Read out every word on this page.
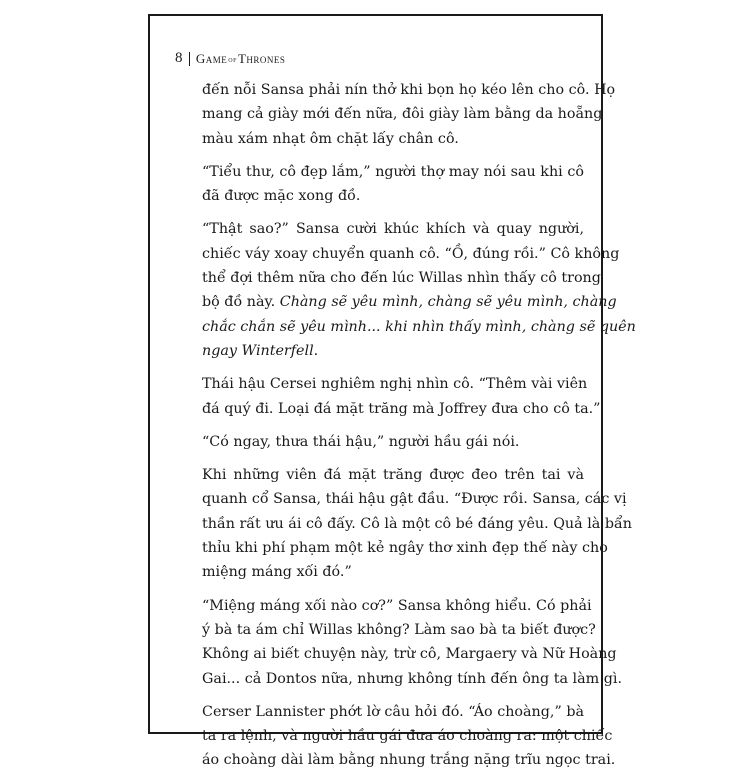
8 GameofThrones
đến nỗi Sansa phải nín thở khi bọn họ kéo lên cho cô. Họ
mang cả giày mới đến nữa, đôi giày làm bằng da hoẵng
màu xám nhạt ôm chặt lấy chân cô.
“Tiểu thư, cô đẹp lắm,” người thợ may nói sau khi cô
đã được mặc xong đồ.
“Thật sao?” Sansa cười khúc khích và quay người,
chiếc váy xoay chuyển quanh cô. “Ồ, đúng rồi.” Cô không
thể đợi thêm nữa cho đến lúc Willas nhìn thấy cô trong
bộ đồ này. Chàng sẽ yêu mình, chàng sẽ yêu mình, chàng
chắc chắn sẽ yêu mình... khi nhìn thấy mình, chàng sẽ quên
ngay Winterfell.
Thái hậu Cersei nghiêm nghị nhìn cô. “Thêm vài viên
đá quý đi. Loại đá mặt trăng mà Joffrey đưa cho cô ta.”
“Có ngay, thưa thái hậu,” người hầu gái nói.
Khi những viên đá mặt trăng được đeo trên tai và
quanh cổ Sansa, thái hậu gật đầu. “Được rồi. Sansa, các vị
thần rất ưu ái cô đấy. Cô là một cô bé đáng yêu. Quả là bẩn
thỉu khi phí phạm một kẻ ngây thơ xinh đẹp thế này cho
miệng máng xối đó.”
“Miệng máng xối nào cơ?” Sansa không hiểu. Có phải
ý bà ta ám chỉ Willas không? Làm sao bà ta biết được?
Không ai biết chuyện này, trừ cô, Margaery và Nữ Hoàng
Gai... cả Dontos nữa, nhưng không tính đến ông ta làm gì.
Cerser Lannister phớt lờ câu hỏi đó. “Áo choàng,” bà
ta ra lệnh, và người hầu gái đưa áo choàng ra: một chiếc
áo choàng dài làm bằng nhung trắng nặng trĩu ngọc trai.
